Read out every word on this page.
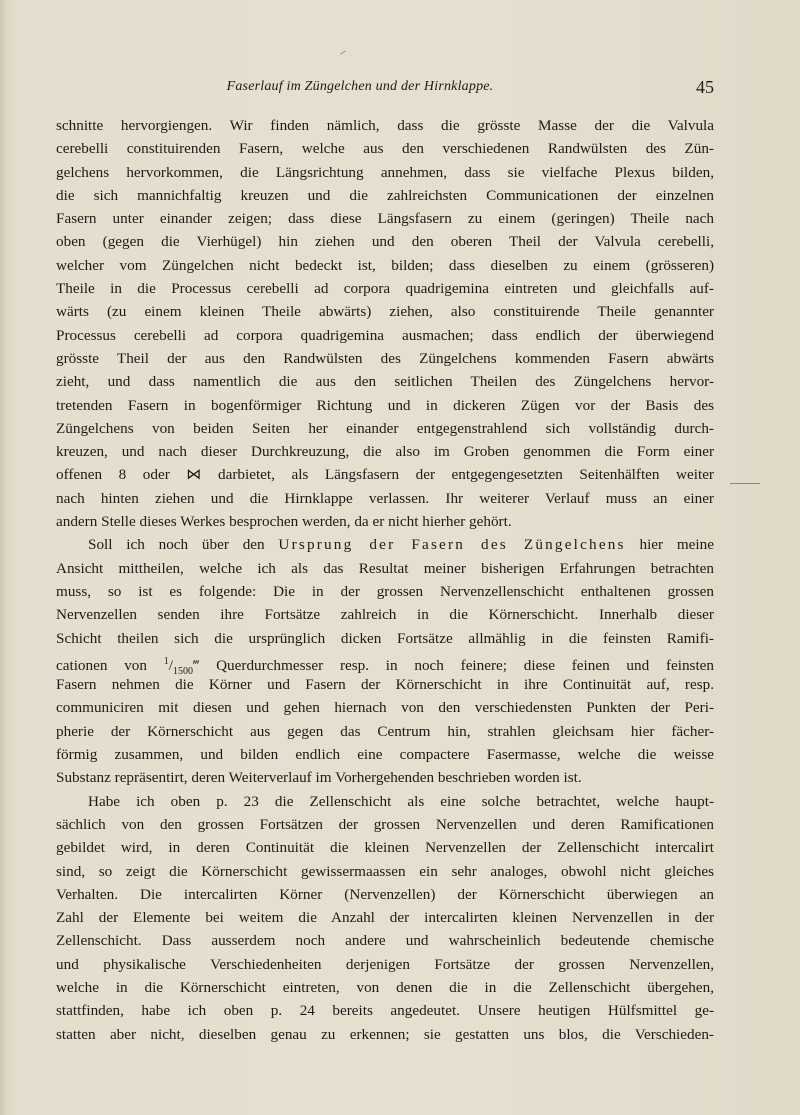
Faserlauf im Züngelchen und der Hirnklappe.	45
schnitte hervorgiengen. Wir finden nämlich, dass die grösste Masse der die Valvula
cerebelli constituirenden Fasern, welche aus den verschiedenen Randwülsten des Zün-
gelchens hervorkommen, die Längsrichtung annehmen, dass sie vielfache Plexus bilden,
die sich mannichfaltig kreuzen und die zahlreichsten Communicationen der einzelnen
Fasern unter einander zeigen; dass diese Längsfasern zu einem (geringen) Theile nach
oben (gegen die Vierhügel) hin ziehen und den oberen Theil der Valvula cerebelli,
welcher vom Züngelchen nicht bedeckt ist, bilden; dass dieselben zu einem (grösseren)
Theile in die Processus cerebelli ad corpora quadrigemina eintreten und gleichfalls auf-
wärts (zu einem kleinen Theile abwärts) ziehen, also constituirende Theile genannter
Processus cerebelli ad corpora quadrigemina ausmachen; dass endlich der überwiegend
grösste Theil der aus den Randwülsten des Züngelchens kommenden Fasern abwärts
zieht, und dass namentlich die aus den seitlichen Theilen des Züngelchens hervor-
tretenden Fasern in bogenförmiger Richtung und in dickeren Zügen vor der Basis des
Züngelchens von beiden Seiten her einander entgegenstrahlend sich vollständig durch-
kreuzen, und nach dieser Durchkreuzung, die also im Groben genommen die Form einer
offenen 8 oder ⋈ darbietet, als Längsfasern der entgegengesetzten Seitenhälften weiter
nach hinten ziehen und die Hirnklappe verlassen. Ihr weiterer Verlauf muss an einer
andern Stelle dieses Werkes besprochen werden, da er nicht hierher gehört.
Soll ich noch über den Ursprung der Fasern des Züngelchens hier meine
Ansicht mittheilen, welche ich als das Resultat meiner bisherigen Erfahrungen betrachten
muss, so ist es folgende: Die in der grossen Nervenzellenschicht enthaltenen grossen
Nervenzellen senden ihre Fortsätze zahlreich in die Körnerschicht. Innerhalb dieser
Schicht theilen sich die ursprünglich dicken Fortsätze allmählig in die feinsten Ramifi-
cationen von $^1/_{1500}‴$ Querdurchmesser resp. in noch feinere; diese feinen und feinsten
Fasern nehmen die Körner und Fasern der Körnerschicht in ihre Continuität auf, resp.
communiciren mit diesen und gehen hiernach von den verschiedensten Punkten der Peri-
pherie der Körnerschicht aus gegen das Centrum hin, strahlen gleichsam hier fächer-
förmig zusammen, und bilden endlich eine compactere Fasermasse, welche die weisse
Substanz repräsentirt, deren Weiterverlauf im Vorhergehenden beschrieben worden ist.
Habe ich oben p. 23 die Zellenschicht als eine solche betrachtet, welche haupt-
sächlich von den grossen Fortsätzen der grossen Nervenzellen und deren Ramificationen
gebildet wird, in deren Continuität die kleinen Nervenzellen der Zellenschicht intercalirt
sind, so zeigt die Körnerschicht gewissermaassen ein sehr analoges, obwohl nicht gleiches
Verhalten. Die intercalirten Körner (Nervenzellen) der Körnerschicht überwiegen an
Zahl der Elemente bei weitem die Anzahl der intercalirten kleinen Nervenzellen in der
Zellenschicht. Dass ausserdem noch andere und wahrscheinlich bedeutende chemische
und physikalische Verschiedenheiten derjenigen Fortsätze der grossen Nervenzellen,
welche in die Körnerschicht eintreten, von denen die in die Zellenschicht übergehen,
stattfinden, habe ich oben p. 24 bereits angedeutet. Unsere heutigen Hülfsmittel ge-
statten aber nicht, dieselben genau zu erkennen; sie gestatten uns blos, die Verschieden-
